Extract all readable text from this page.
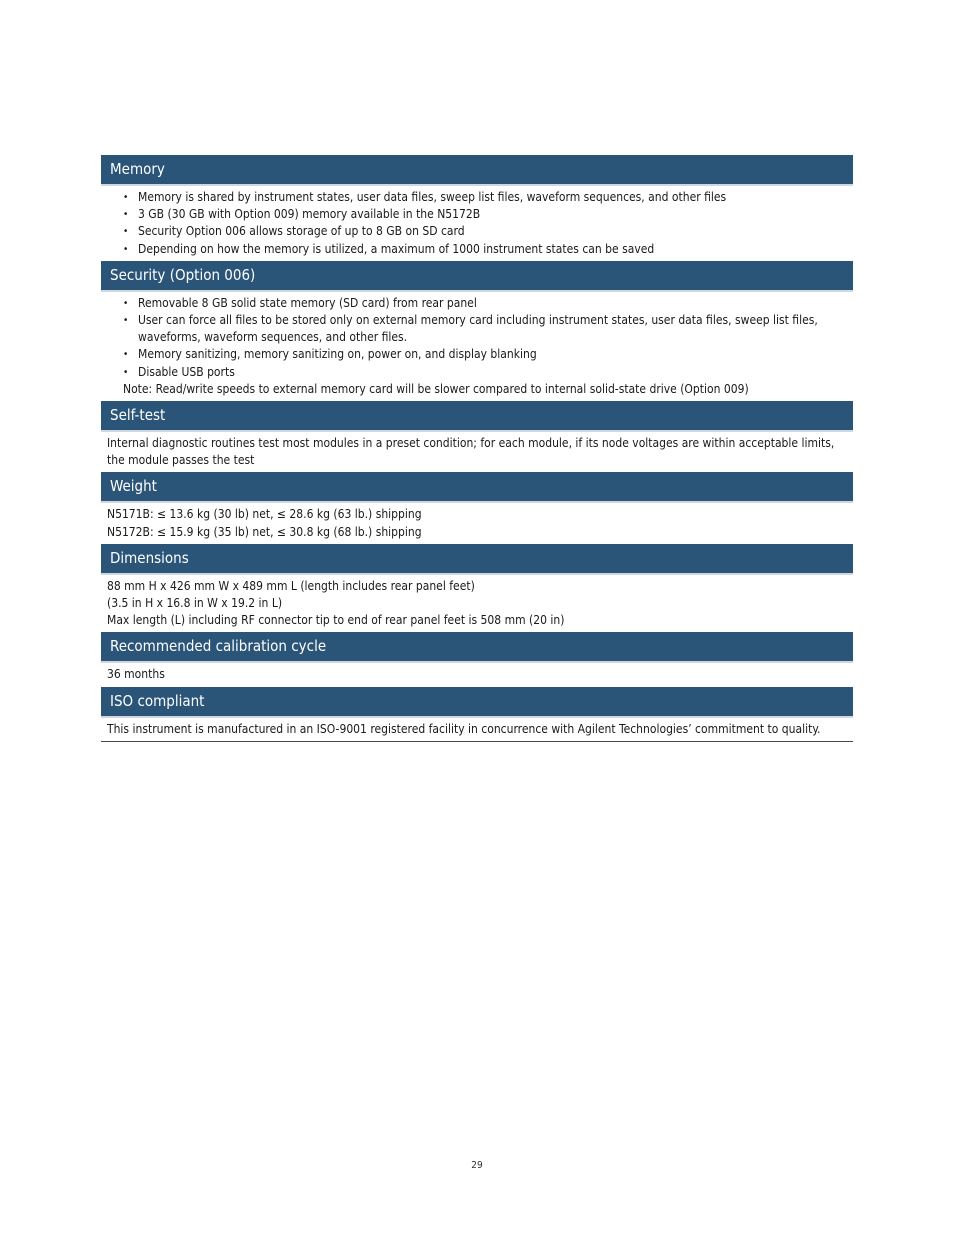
Memory
• Memory is shared by instrument states, user data files, sweep list files, waveform sequences, and other files
• 3 GB (30 GB with Option 009) memory available in the N5172B
• Security Option 006 allows storage of up to 8 GB on SD card
• Depending on how the memory is utilized, a maximum of 1000 instrument states can be saved
Security (Option 006)
• Removable 8 GB solid state memory (SD card) from rear panel
• User can force all files to be stored only on external memory card including instrument states, user data files, sweep list files, waveforms, waveform sequences, and other files.
• Memory sanitizing, memory sanitizing on, power on, and display blanking
• Disable USB ports
Note: Read/write speeds to external memory card will be slower compared to internal solid-state drive (Option 009)
Self-test
Internal diagnostic routines test most modules in a preset condition; for each module, if its node voltages are within acceptable limits, the module passes the test
Weight
N5171B: ≤ 13.6 kg (30 lb) net, ≤ 28.6 kg (63 lb.) shipping
N5172B: ≤ 15.9 kg (35 lb) net, ≤ 30.8 kg (68 lb.) shipping
Dimensions
88 mm H x 426 mm W x 489 mm L (length includes rear panel feet)
(3.5 in H x 16.8 in W x 19.2 in L)
Max length (L) including RF connector tip to end of rear panel feet is 508 mm (20 in)
Recommended calibration cycle
36 months
ISO compliant
This instrument is manufactured in an ISO-9001 registered facility in concurrence with Agilent Technologies’ commitment to quality.
29
